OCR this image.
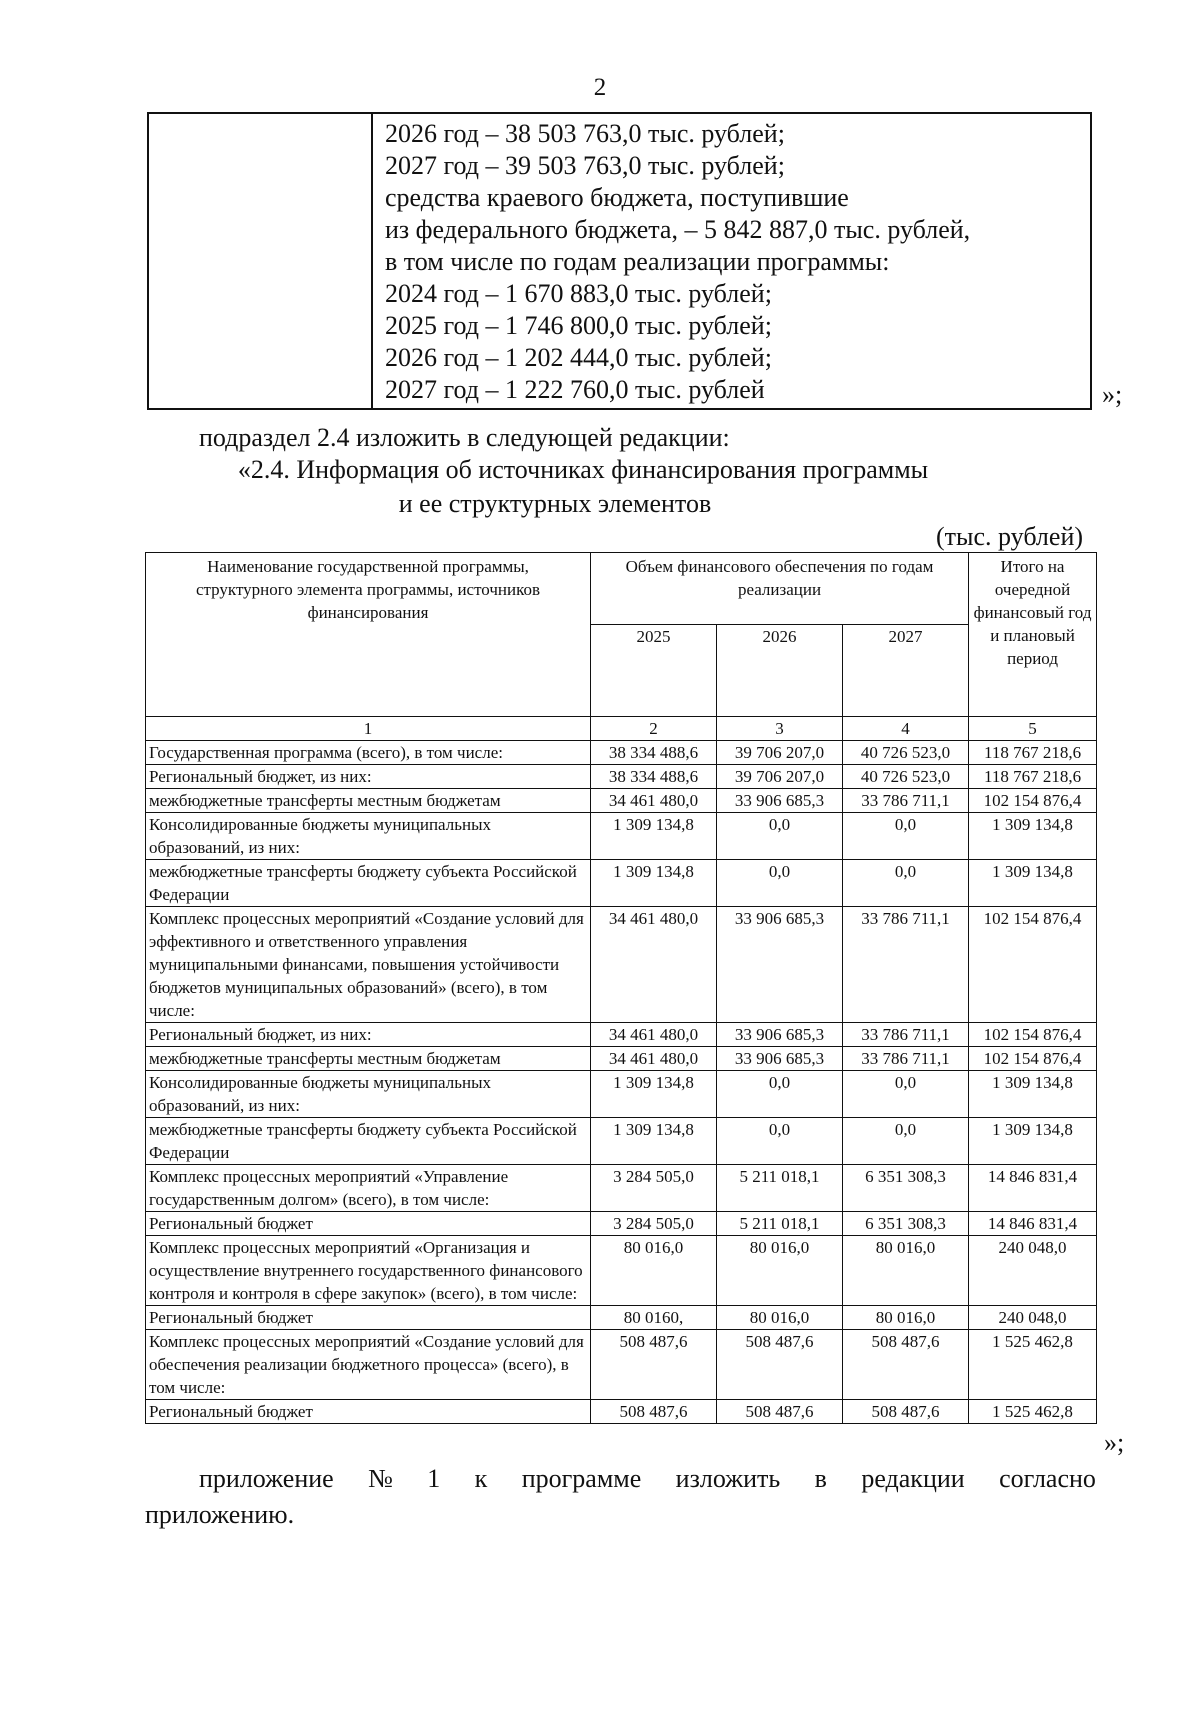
2

2026 год – 38 503 763,0 тыс. рублей;
2027 год – 39 503 763,0 тыс. рублей;
средства краевого бюджета, поступившие
из федерального бюджета, – 5 842 887,0 тыс. рублей,
в том числе по годам реализации программы:
2024 год – 1 670 883,0 тыс. рублей;
2025 год – 1 746 800,0 тыс. рублей;
2026 год – 1 202 444,0 тыс. рублей;
2027 год – 1 222 760,0 тыс. рублей	»;
подраздел 2.4 изложить в следующей редакции:
«2.4. Информация об источниках финансирования программы
и ее структурных элементов
(тыс. рублей)
Наименование государственной программы, структурного элемента программы, источников финансирования	Объем финансового обеспечения по годам реализации			Итого на очередной финансовый год и плановый период
	2025	2026	2027	
1	2	3	4	5
Государственная программа (всего), в том числе:	38 334 488,6	39 706 207,0	40 726 523,0	118 767 218,6
Региональный бюджет, из них:	38 334 488,6	39 706 207,0	40 726 523,0	118 767 218,6
межбюджетные трансферты местным бюджетам	34 461 480,0	33 906 685,3	33 786 711,1	102 154 876,4
Консолидированные бюджеты муниципальных образований, из них:	1 309 134,8	0,0	0,0	1 309 134,8
межбюджетные трансферты бюджету субъекта Российской Федерации	1 309 134,8	0,0	0,0	1 309 134,8
Комплекс процессных мероприятий «Создание условий для эффективного и ответственного управления муниципальными финансами, повышения устойчивости бюджетов муниципальных образований» (всего), в том числе:	34 461 480,0	33 906 685,3	33 786 711,1	102 154 876,4
Региональный бюджет, из них:	34 461 480,0	33 906 685,3	33 786 711,1	102 154 876,4
межбюджетные трансферты местным бюджетам	34 461 480,0	33 906 685,3	33 786 711,1	102 154 876,4
Консолидированные бюджеты муниципальных образований, из них:	1 309 134,8	0,0	0,0	1 309 134,8
межбюджетные трансферты бюджету субъекта Российской Федерации	1 309 134,8	0,0	0,0	1 309 134,8
Комплекс процессных мероприятий «Управление государственным долгом» (всего), в том числе:	3 284 505,0	5 211 018,1	6 351 308,3	14 846 831,4
Региональный бюджет	3 284 505,0	5 211 018,1	6 351 308,3	14 846 831,4
Комплекс процессных мероприятий «Организация и осуществление внутреннего государственного финансового контроля и контроля в сфере закупок» (всего), в том числе:	80 016,0	80 016,0	80 016,0	240 048,0
Региональный бюджет	80 0160,	80 016,0	80 016,0	240 048,0
Комплекс процессных мероприятий «Создание условий для обеспечения реализации бюджетного процесса» (всего), в том числе:	508 487,6	508 487,6	508 487,6	1 525 462,8
Региональный бюджет	508 487,6	508 487,6	508 487,6	1 525 462,8
»;
приложение № 1 к программе изложить в редакции согласно
приложению.
